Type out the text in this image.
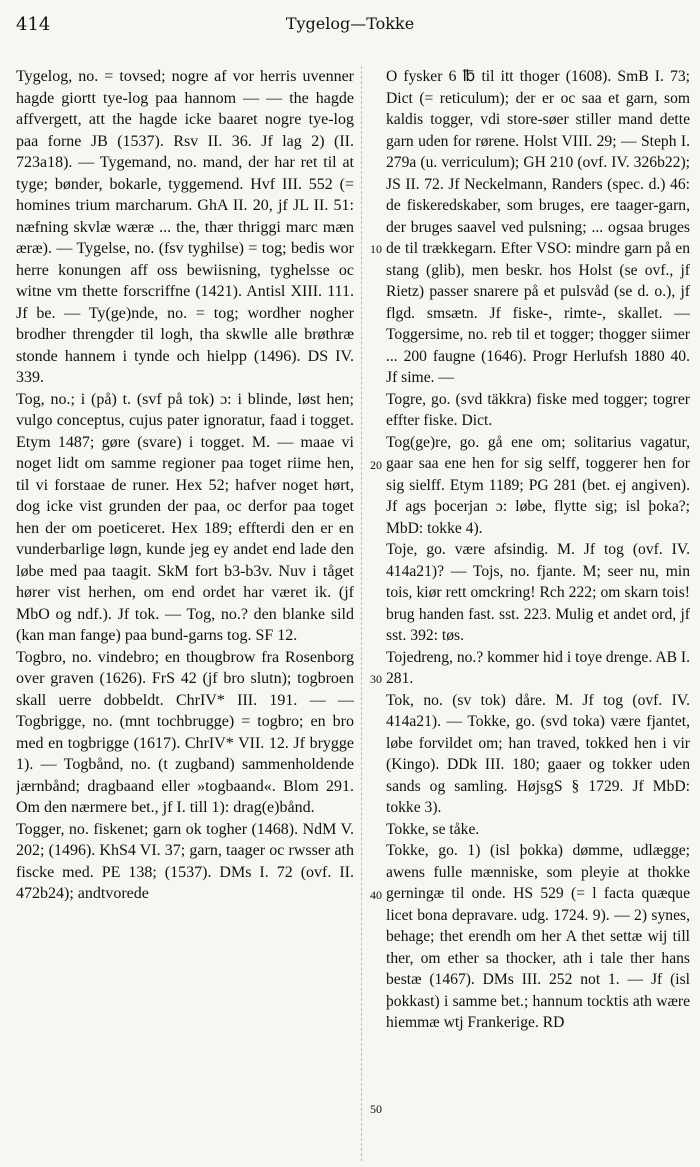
414	Tygelog—Tokke

Tygelog, no. = tovsed; nogre af vor herris uvenner hagde giortt tye-log paa hannom — — the hagde affvergett, att the hagde icke baaret nogre tye-log paa forne JB (1537). Rsv II. 36. Jf lag 2) (II. 723a18). — Tygemand, no. mand, der har ret til at tyge; bønder, bokarle, tyggemend. Hvf III. 552 (= homines trium marcharum. GhA II. 20, jf JL II. 51: næfning skvlæ wæræ ... the, thær thriggi marc mæn æræ). — Tygelse, no. (fsv tyghilse) = tog; bedis wor herre konungen aff oss bewiisning, tyghelsse oc witne vm thette forscriffne (1421). Antisl XIII. 111. Jf be. — Ty(ge)nde, no. = tog; wordher nogher brodher threngder til logh, tha skwlle alle brøthræ stonde hannem i tynde och hielpp (1496). DS IV. 339.

Tog, no.; i (på) t. (svf på tok) ɔ: i blinde, løst hen; vulgo conceptus, cujus pater ignoratur, faad i togget. Etym 1487; gøre (svare) i togget. M. — maae vi noget lidt om samme regioner paa toget riime hen, til vi forstaae de runer. Hex 52; hafver noget hørt, dog icke vist grunden der paa, oc derfor paa toget hen der om poeticeret. Hex 189; effterdi den er en vunderbarlige løgn, kunde jeg ey andet end lade den løbe med paa taagit. SkM fort b3-b3v. Nuv i tåget hører vist herhen, om end ordet har været ik. (jf MbO og ndf.). Jf tok. — Tog, no.? den blanke sild (kan man fange) paa bund-garns tog. SF 12.

Togbro, no. vindebro; en thougbrow fra Rosenborg over graven (1626). FrS 42 (jf bro slutn); togbroen skall uerre dobbeldt. ChrIV* III. 191. — — Togbrigge, no. (mnt tochbrugge) = togbro; en bro med en togbrigge (1617). ChrIV* VII. 12. Jf brygge 1). — Togbånd, no. (t zugband) sammenholdende jærnbånd; dragbaand eller »togbaand«. Blom 291. Om den nærmere bet., jf I. till 1): drag(e)bånd.

Togger, no. fiskenet; garn ok togher (1468). NdM V. 202; (1496). KhS4 VI. 37; garn, taager oc rwsser ath fiscke med. PE 138; (1537). DMs I. 72 (ovf. II. 472b24); andtvorede

10
20
30
40
50

O fysker 6 ℔ til itt thoger (1608). SmB I. 73; Dict (= reticulum); der er oc saa et garn, som kaldis togger, vdi store-søer stiller mand dette garn uden for rørene. Holst VIII. 29; — Steph I. 279a (u. verriculum); GH 210 (ovf. IV. 326b22); JS II. 72. Jf Neckelmann, Randers (spec. d.) 46: de fiskeredskaber, som bruges, ere taager-garn, der bruges saavel ved pulsning; ... ogsaa bruges de til trækkegarn. Efter VSO: mindre garn på en stang (glib), men beskr. hos Holst (se ovf., jf Rietz) passer snarere på et pulsvåd (se d. o.), jf flgd. smsætn. Jf fiske-, rimte-, skallet. — Toggersime, no. reb til et togger; thogger siimer ... 200 faugne (1646). Progr Herlufsh 1880 40. Jf sime. —

Togre, go. (svd täkkra) fiske med togger; togrer effter fiske. Dict.

Tog(ge)re, go. gå ene om; solitarius vagatur, gaar saa ene hen for sig selff, toggerer hen for sig sielff. Etym 1189; PG 281 (bet. ej angiven). Jf ags þocerjan ɔ: løbe, flytte sig; isl þoka?; MbD: tokke 4).

Toje, go. være afsindig. M. Jf tog (ovf. IV. 414a21)? — Tojs, no. fjante. M; seer nu, min tois, kiør rett omckring! Rch 222; om skarn tois! brug handen fast. sst. 223. Mulig et andet ord, jf sst. 392: tøs.

Tojedreng, no.? kommer hid i toye drenge. AB I. 281.

Tok, no. (sv tok) dåre. M. Jf tog (ovf. IV. 414a21). — Tokke, go. (svd toka) være fjantet, løbe forvildet om; han traved, tokked hen i vir (Kingo). DDk III. 180; gaaer og tokker uden sands og samling. HøjsgS § 1729. Jf MbD: tokke 3).

Tokke, se tåke.

Tokke, go. 1) (isl þokka) dømme, udlægge; awens fulle mænniske, som pleyie at thokke gerningæ til onde. HS 529 (= l facta quæque licet bona depravare. udg. 1724. 9). — 2) synes, behage; thet erendh om her A thet settæ wij till ther, om ether sa thocker, ath i tale ther hans bestæ (1467). DMs III. 252 not 1. — Jf (isl þokkast) i samme bet.; hannum tocktis ath wære hiemmæ wtj Frankerige. RD
